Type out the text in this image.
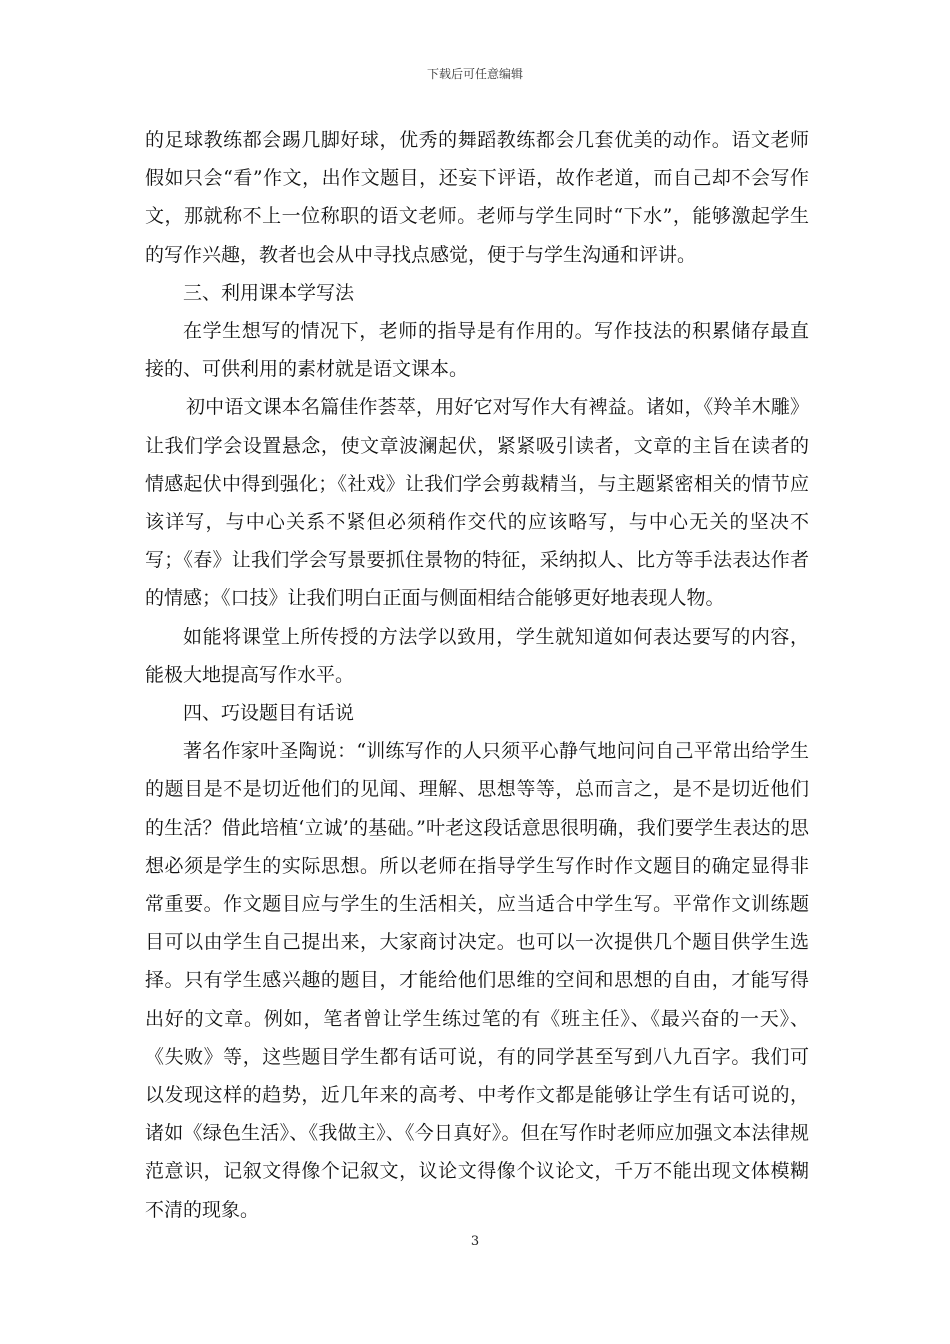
下载后可任意编辑

的足球教练都会踢几脚好球，优秀的舞蹈教练都会几套优美的动作。语文老师假如只会“看”作文，出作文题目，还妄下评语，故作老道，而自己却不会写作文，那就称不上一位称职的语文老师。老师与学生同时“下水”，能够激起学生的写作兴趣，教者也会从中寻找点感觉，便于与学生沟通和评讲。

三、利用课本学写法

在学生想写的情况下，老师的指导是有作用的。写作技法的积累储存最直接的、可供利用的素材就是语文课本。

初中语文课本名篇佳作荟萃，用好它对写作大有裨益。诸如，《羚羊木雕》让我们学会设置悬念，使文章波澜起伏，紧紧吸引读者，文章的主旨在读者的情感起伏中得到强化；《社戏》让我们学会剪裁精当，与主题紧密相关的情节应该详写，与中心关系不紧但必须稍作交代的应该略写，与中心无关的坚决不写；《春》让我们学会写景要抓住景物的特征，采纳拟人、比方等手法表达作者的情感；《口技》让我们明白正面与侧面相结合能够更好地表现人物。

如能将课堂上所传授的方法学以致用，学生就知道如何表达要写的内容，能极大地提高写作水平。

四、巧设题目有话说

著名作家叶圣陶说：“训练写作的人只须平心静气地问问自己平常出给学生的题目是不是切近他们的见闻、理解、思想等等，总而言之，是不是切近他们的生活？借此培植‘立诚’的基础。”叶老这段话意思很明确，我们要学生表达的思想必须是学生的实际思想。所以老师在指导学生写作时作文题目的确定显得非常重要。作文题目应与学生的生活相关，应当适合中学生写。平常作文训练题目可以由学生自己提出来，大家商讨决定。也可以一次提供几个题目供学生选择。只有学生感兴趣的题目，才能给他们思维的空间和思想的自由，才能写得出好的文章。例如，笔者曾让学生练过笔的有《班主任》、《最兴奋的一天》、《失败》等，这些题目学生都有话可说，有的同学甚至写到八九百字。我们可以发现这样的趋势，近几年来的高考、中考作文都是能够让学生有话可说的，诸如《绿色生活》、《我做主》、《今日真好》。但在写作时老师应加强文本法律规范意识，记叙文得像个记叙文，议论文得像个议论文，千万不能出现文体模糊不清的现象。

3
